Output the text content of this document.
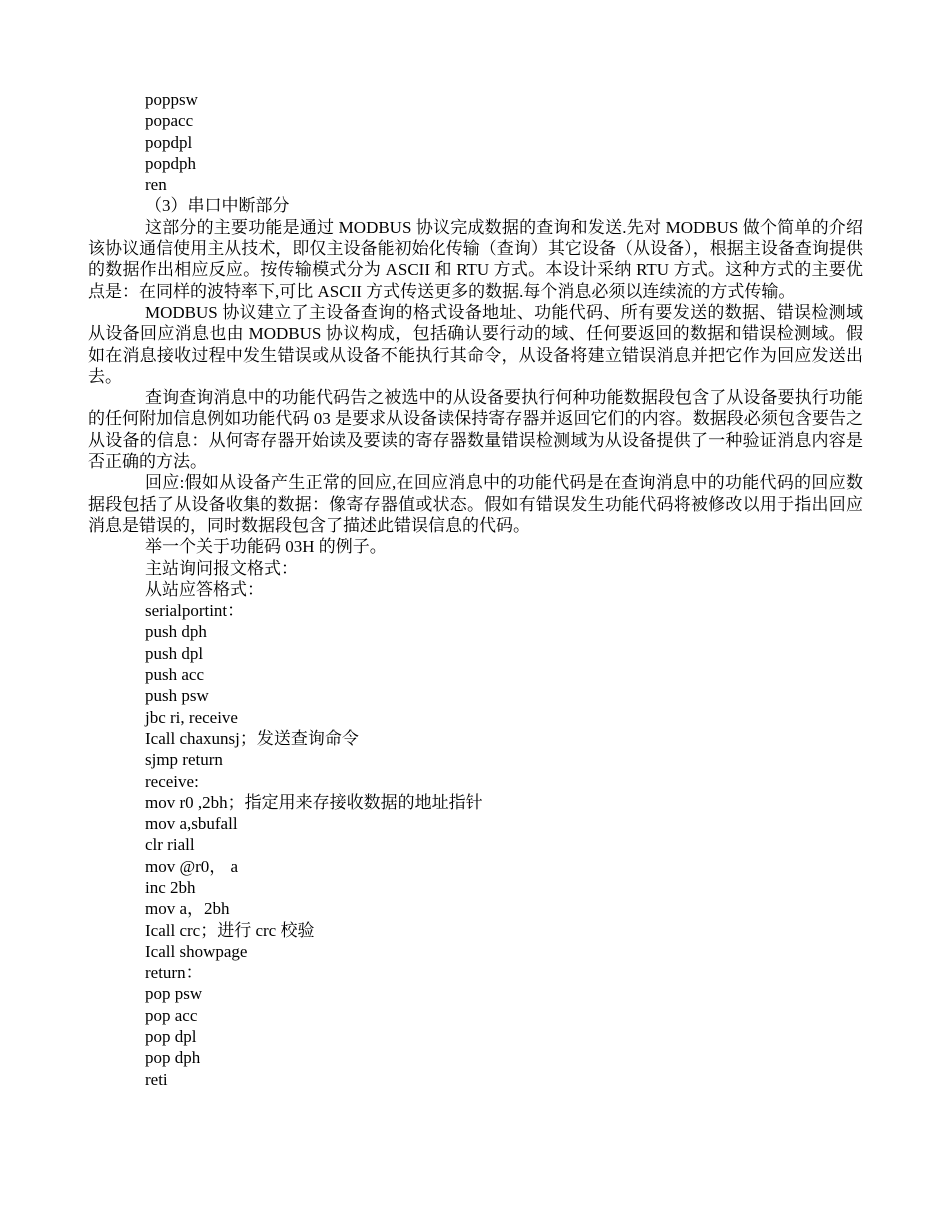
poppsw
popacc
popdpl
popdph
ren
（3）串口中断部分

这部分的主要功能是通过 MODBUS 协议完成数据的查询和发送.先对 MODBUS 做个简单的介绍该协议通信使用主从技术，即仅主设备能初始化传输（查询）其它设备（从设备），根据主设备查询提供的数据作出相应反应。按传输模式分为 ASCII 和 RTU 方式。本设计采纳 RTU 方式。这种方式的主要优点是：在同样的波特率下,可比 ASCII 方式传送更多的数据.每个消息必须以连续流的方式传输。

MODBUS 协议建立了主设备查询的格式设备地址、功能代码、所有要发送的数据、错误检测域从设备回应消息也由 MODBUS 协议构成，包括确认要行动的域、任何要返回的数据和错误检测域。假如在消息接收过程中发生错误或从设备不能执行其命令，从设备将建立错误消息并把它作为回应发送出去。

查询查询消息中的功能代码告之被选中的从设备要执行何种功能数据段包含了从设备要执行功能的任何附加信息例如功能代码 03 是要求从设备读保持寄存器并返回它们的内容。数据段必须包含要告之从设备的信息：从何寄存器开始读及要读的寄存器数量错误检测域为从设备提供了一种验证消息内容是否正确的方法。

回应:假如从设备产生正常的回应,在回应消息中的功能代码是在查询消息中的功能代码的回应数据段包括了从设备收集的数据：像寄存器值或状态。假如有错误发生功能代码将被修改以用于指出回应消息是错误的，同时数据段包含了描述此错误信息的代码。

举一个关于功能码 03H 的例子。
主站询问报文格式：
从站应答格式：
serialportint：
push dph
push dpl
push acc
push psw
jbc ri, receive
Icall chaxunsj；发送查询命令
sjmp return
receive:
mov r0 ,2bh；指定用来存接收数据的地址指针
mov a,sbufall
clr riall
mov @r0， a
inc 2bh
mov a，2bh
Icall crc；进行 crc 校验
Icall showpage
return：
pop psw
pop acc
pop dpl
pop dph
reti
